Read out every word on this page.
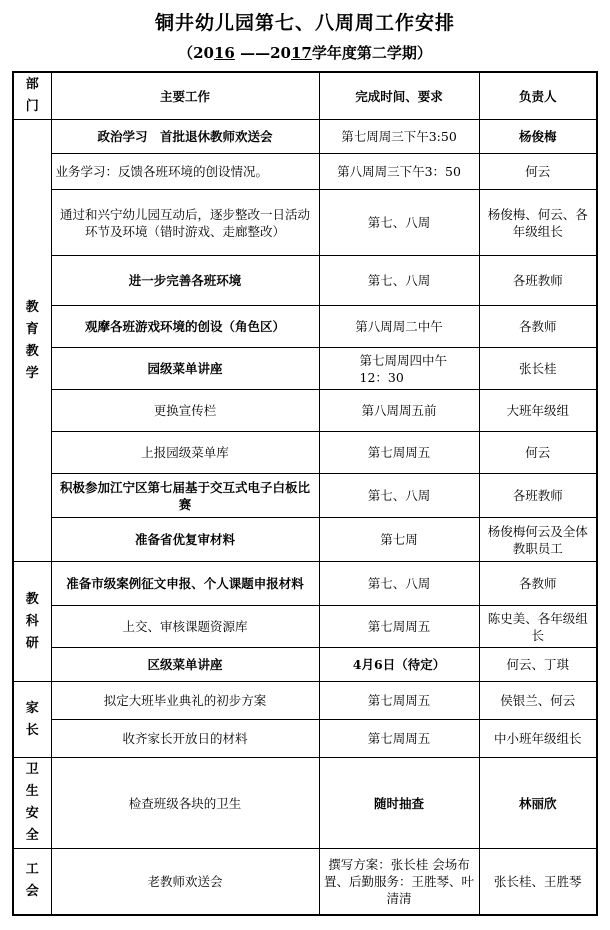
铜井幼儿园第七、八周周工作安排
（2016 ——2017学年度第二学期）
部
门	主要工作	完成时间、要求	负责人

教
育
教
学	政治学习　首批退休教师欢送会	第七周周三下午3:50	杨俊梅
	业务学习：反馈各班环境的创设情况。	第八周周三下午3：50	何云
	通过和兴宁幼儿园互动后，逐步整改一日活动环节及环境（错时游戏、走廊整改）	第七、八周	杨俊梅、何云、各年级组长
	进一步完善各班环境	第七、八周	各班教师
	观摩各班游戏环境的创设（角色区）	第八周周二中午	各教师
	园级菜单讲座	第七周周四中午 12：30	张长桂
	更换宣传栏	第八周周五前	大班年级组
	上报园级菜单库	第七周周五	何云
	积极参加江宁区第七届基于交互式电子白板比赛	第七、八周	各班教师
	准备省优复审材料	第七周	杨俊梅何云及全体教职员工

教
科
研	准备市级案例征文申报、个人课题申报材料	第七、八周	各教师
	上交、审核课题资源库	第七周周五	陈史美、各年级组长
	区级菜单讲座	4月6日（待定）	何云、丁琪

家
长	拟定大班毕业典礼的初步方案	第七周周五	侯银兰、何云
	收齐家长开放日的材料	第七周周五	中小班年级组长

卫
生
安
全	检查班级各块的卫生	随时抽查	林丽欣

工
会	老教师欢送会	撰写方案：张长桂 会场布置、后勤服务：王胜琴、叶清清	张长桂、王胜琴
